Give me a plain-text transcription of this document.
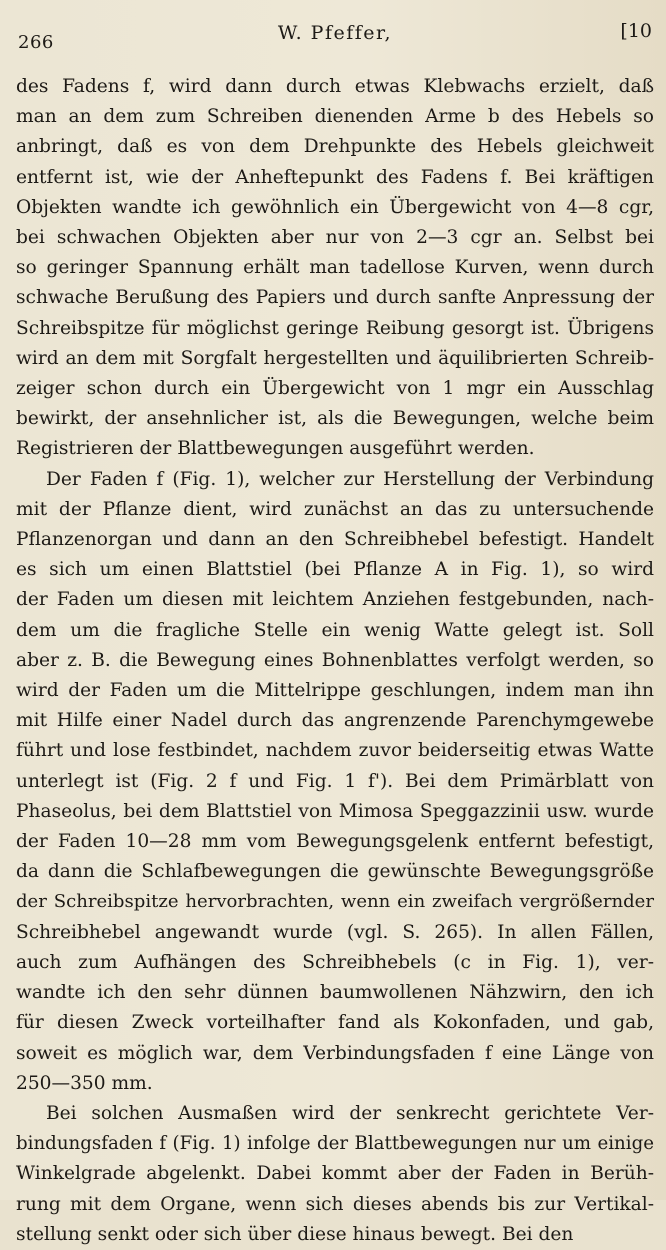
266	W. Pfeffer,	[10
des Fadens f, wird dann durch etwas Klebwachs erzielt, daß
man an dem zum Schreiben dienenden Arme b des Hebels so
anbringt, daß es von dem Drehpunkte des Hebels gleichweit
entfernt ist, wie der Anheftepunkt des Fadens f. Bei kräftigen
Objekten wandte ich gewöhnlich ein Übergewicht von 4—8 cgr,
bei schwachen Objekten aber nur von 2—3 cgr an. Selbst bei
so geringer Spannung erhält man tadellose Kurven, wenn durch
schwache Berußung des Papiers und durch sanfte Anpressung der
Schreibspitze für möglichst geringe Reibung gesorgt ist. Übrigens
wird an dem mit Sorgfalt hergestellten und äquilibrierten Schreib-
zeiger schon durch ein Übergewicht von 1 mgr ein Ausschlag
bewirkt, der ansehnlicher ist, als die Bewegungen, welche beim
Registrieren der Blattbewegungen ausgeführt werden.
Der Faden f (Fig. 1), welcher zur Herstellung der Verbindung
mit der Pflanze dient, wird zunächst an das zu untersuchende
Pflanzenorgan und dann an den Schreibhebel befestigt. Handelt
es sich um einen Blattstiel (bei Pflanze A in Fig. 1), so wird
der Faden um diesen mit leichtem Anziehen festgebunden, nach-
dem um die fragliche Stelle ein wenig Watte gelegt ist. Soll
aber z. B. die Bewegung eines Bohnenblattes verfolgt werden, so
wird der Faden um die Mittelrippe geschlungen, indem man ihn
mit Hilfe einer Nadel durch das angrenzende Parenchymgewebe
führt und lose festbindet, nachdem zuvor beiderseitig etwas Watte
unterlegt ist (Fig. 2 f und Fig. 1 f'). Bei dem Primärblatt von
Phaseolus, bei dem Blattstiel von Mimosa Speggazzinii usw. wurde
der Faden 10—28 mm vom Bewegungsgelenk entfernt befestigt,
da dann die Schlafbewegungen die gewünschte Bewegungsgröße
der Schreibspitze hervorbrachten, wenn ein zweifach vergrößernder
Schreibhebel angewandt wurde (vgl. S. 265). In allen Fällen,
auch zum Aufhängen des Schreibhebels (c in Fig. 1), ver-
wandte ich den sehr dünnen baumwollenen Nähzwirn, den ich
für diesen Zweck vorteilhafter fand als Kokonfaden, und gab,
soweit es möglich war, dem Verbindungsfaden f eine Länge von
250—350 mm.
Bei solchen Ausmaßen wird der senkrecht gerichtete Ver-
bindungsfaden f (Fig. 1) infolge der Blattbewegungen nur um einige
Winkelgrade abgelenkt. Dabei kommt aber der Faden in Berüh-
rung mit dem Organe, wenn sich dieses abends bis zur Vertikal-
stellung senkt oder sich über diese hinaus bewegt. Bei den
